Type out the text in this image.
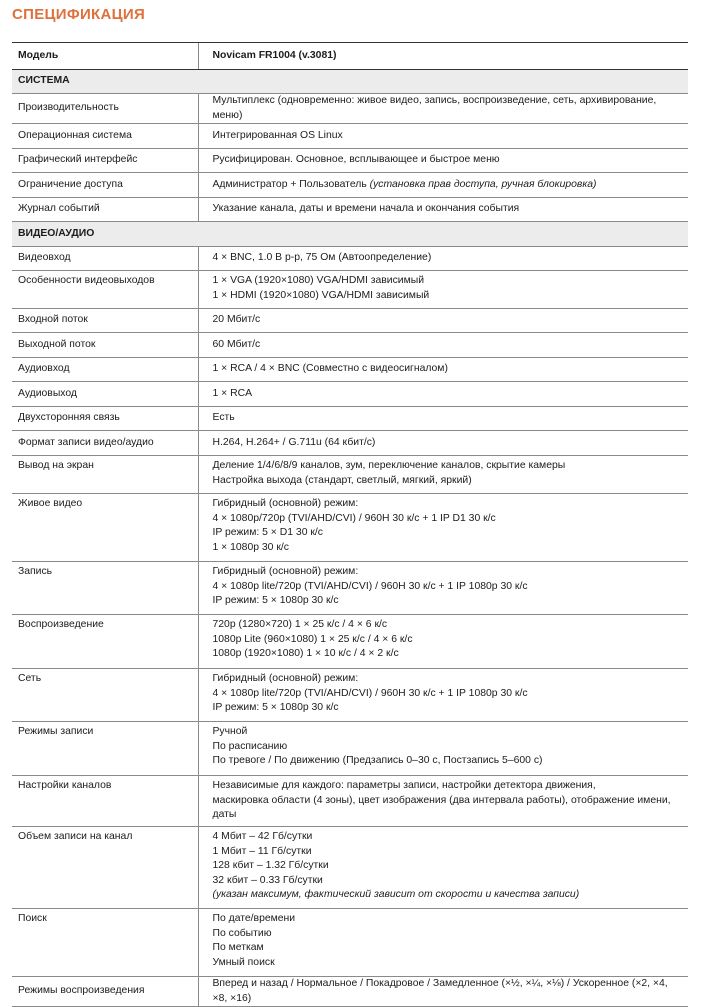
СПЕЦИФИКАЦИЯ
Модель	Novicam FR1004 (v.3081)
СИСТЕМА	
Производительность	Мультиплекс (одновременно: живое видео, запись, воспроизведение, сеть, архивирование, меню)
Операционная система	Интегрированная OS Linux
Графический интерфейс	Русифицирован. Основное, всплывающее и быстрое меню
Ограничение доступа	Администратор + Пользователь (установка прав доступа, ручная блокировка)
Журнал событий	Указание канала, даты и времени начала и окончания события
ВИДЕО/АУДИО	
Видеовход	4 × BNC, 1.0 В p-p, 75 Ом (Автоопределение)
Особенности видеовыходов	1 × VGA (1920×1080) VGA/HDMI зависимый
1 × HDMI (1920×1080) VGA/HDMI зависимый

Входной поток	20 Мбит/с
Выходной поток	60 Мбит/с
Аудиовход	1 × RCA / 4 × BNC (Совместно с видеосигналом)
Аудиовыход	1 × RCA
Двухсторонняя связь	Есть
Формат записи видео/аудио	H.264, H.264+ / G.711u (64 кбит/с)
Вывод на экран	Деление 1/4/6/8/9 каналов, зум, переключение каналов, скрытие камеры
Настройка выхода (стандарт, светлый, мягкий, яркий)

Живое видео	Гибридный (основной) режим:
4 × 1080p/720p (TVI/AHD/CVI) / 960H 30 к/с + 1 IP D1 30 к/с
IP режим: 5 × D1 30 к/с
1 × 1080p 30 к/с

Запись	Гибридный (основной) режим:
4 × 1080p lite/720p (TVI/AHD/CVI) / 960H 30 к/с + 1 IP 1080p 30 к/с
IP режим: 5 × 1080p 30 к/с

Воспроизведение	720p (1280×720) 1 × 25 к/с / 4 × 6 к/с
1080p Lite (960×1080) 1 × 25 к/с / 4 × 6 к/с
1080p (1920×1080) 1 × 10 к/с / 4 × 2 к/с

Сеть	Гибридный (основной) режим:
4 × 1080p lite/720p (TVI/AHD/CVI) / 960H 30 к/с + 1 IP 1080p 30 к/с
IP режим: 5 × 1080p 30 к/с

Режимы записи	Ручной
По расписанию
По тревоге / По движению (Предзапись 0–30 с, Постзапись 5–600 с)

Настройки каналов	Независимые для каждого: параметры записи, настройки детектора движения,
маскировка области (4 зоны), цвет изображения (два интервала работы), отображение имени, даты

Объем записи на канал	4 Мбит – 42 Гб/сутки
1 Мбит – 11 Гб/сутки
128 кбит – 1.32 Гб/сутки
32 кбит – 0.33 Гб/сутки
(указан максимум, фактический зависит от скорости и качества записи)

Поиск	По дате/времени
По событию
По меткам
Умный поиск

Режимы воспроизведения	Вперед и назад / Нормальное / Покадровое / Замедленное (×½, ×¼, ×⅛) / Ускоренное (×2, ×4, ×8, ×16)
